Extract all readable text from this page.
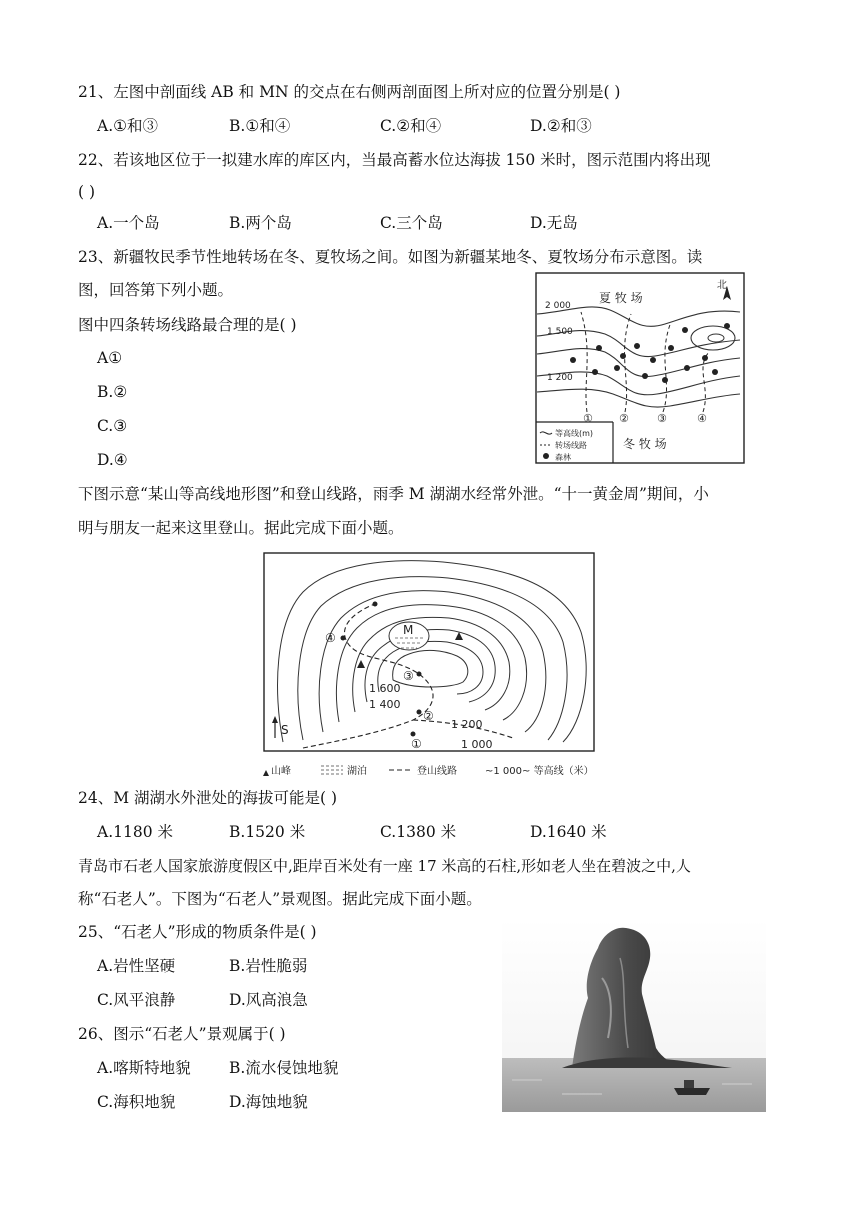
21、左图中剖面线 AB 和 MN 的交点在右侧两剖面图上所对应的位置分别是( )
A.①和③	B.①和④	C.②和④	D.②和③
22、若该地区位于一拟建水库的库区内，当最高蓄水位达海拔 150 米时，图示范围内将出现
( )
A.一个岛	B.两个岛	C.三个岛	D.无岛
23、新疆牧民季节性地转场在冬、夏牧场之间。如图为新疆某地冬、夏牧场分布示意图。读
图，回答第下列小题。
图中四条转场线路最合理的是( )
A①
B.②
C.③
D.④
北
夏 牧 场
冬 牧 场
2 000
1 500
1 200
① ②	③	④
等高线(m)
转场线路
森林
下图示意“某山等高线地形图”和登山线路，雨季 M 湖湖水经常外泄。“十一黄金周”期间，小
明与朋友一起来这里登山。据此完成下面小题。
M
①
②
③
④
1 600
1 400
1 200
1 000
S
山峰	湖泊	登山线路	~1 000~ 等高线（米）
24、M 湖湖水外泄处的海拔可能是( )
A.1180 米	B.1520 米	C.1380 米	D.1640 米
青岛市石老人国家旅游度假区中,距岸百米处有一座 17 米高的石柱,形如老人坐在碧波之中,人
称“石老人”。下图为“石老人”景观图。据此完成下面小题。
25、“石老人”形成的物质条件是( )
A.岩性坚硬	B.岩性脆弱
C.风平浪静	D.风高浪急
26、图示“石老人”景观属于( )
A.喀斯特地貌 B.流水侵蚀地貌
C.海积地貌	D.海蚀地貌
